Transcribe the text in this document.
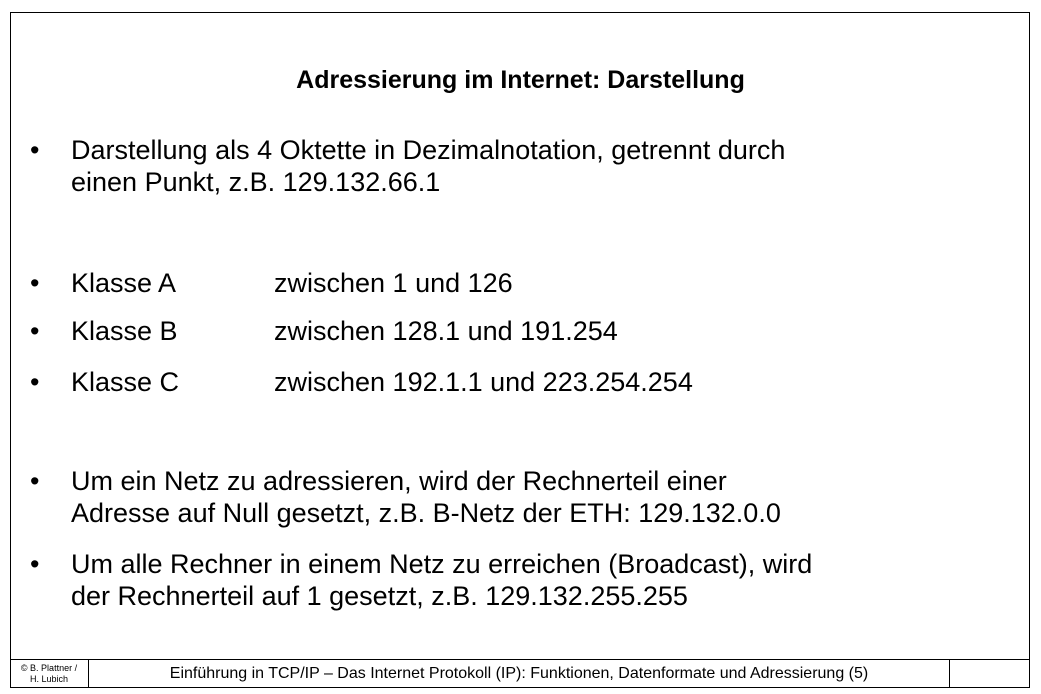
Adressierung im Internet: Darstellung
• Darstellung als 4 Oktette in Dezimalnotation, getrennt durch
einen Punkt, z.B. 129.132.66.1
• Klasse A	zwischen 1 und 126
• Klasse B	zwischen 128.1 und 191.254
• Klasse C	zwischen 192.1.1 und 223.254.254
• Um ein Netz zu adressieren, wird der Rechnerteil einer
Adresse auf Null gesetzt, z.B. B-Netz der ETH: 129.132.0.0
• Um alle Rechner in einem Netz zu erreichen (Broadcast), wird
der Rechnerteil auf 1 gesetzt, z.B. 129.132.255.255
© B. Plattner /
H. Lubich	Einführung in TCP/IP – Das Internet Protokoll (IP): Funktionen, Datenformate und Adressierung (5)
